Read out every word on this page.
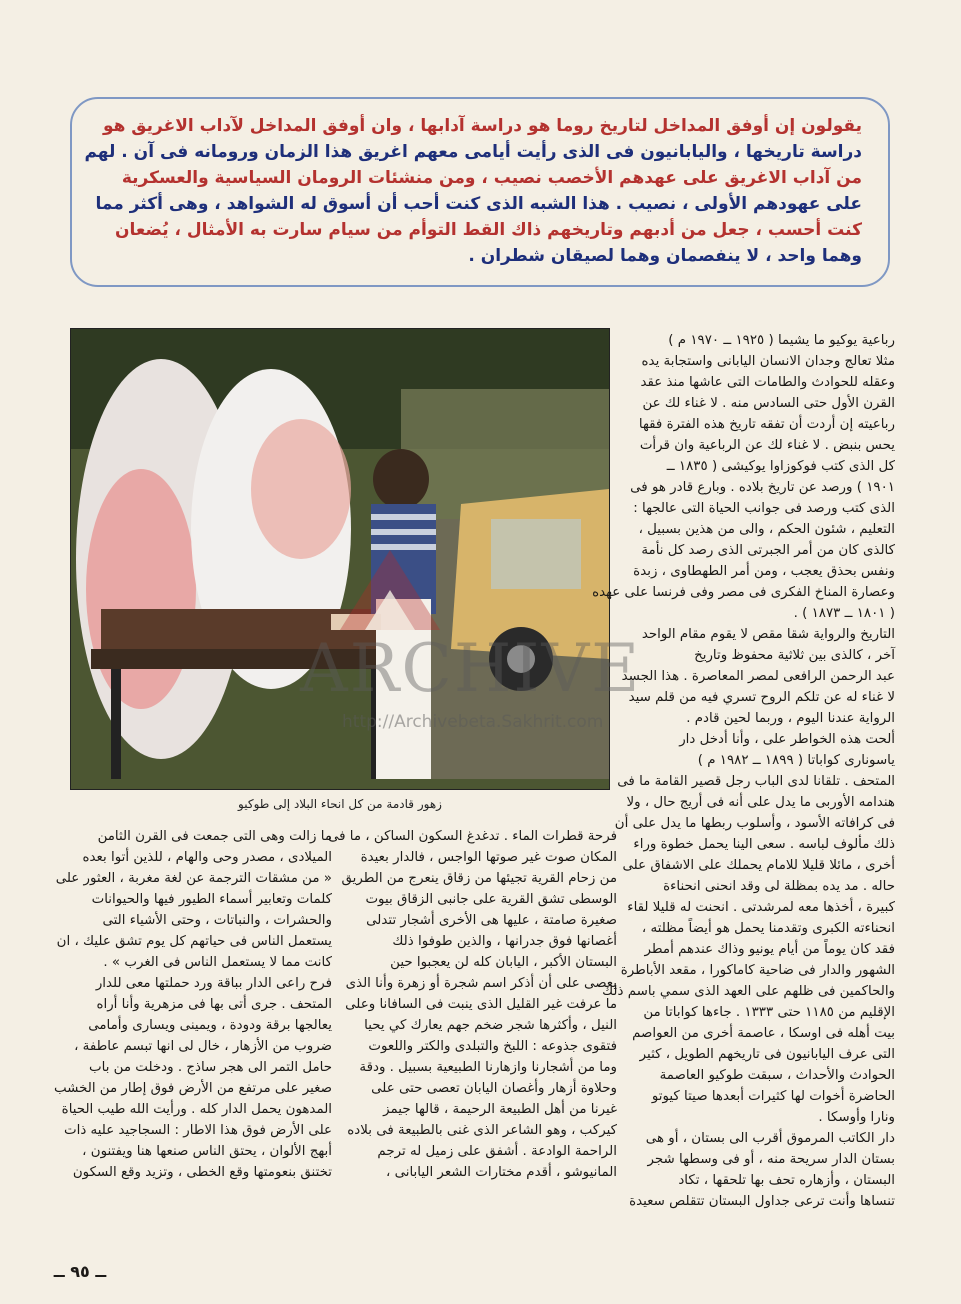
يقولون إن أوفق المداخل لتاريخ روما هو دراسة آدابها ، وان أوفق المداخل لآداب الاغريق هو
دراسة تاريخها ، واليابانيون فى الذى رأيت أيامى معهم اغريق هذا الزمان ورومانه فى آن . لهم
من آداب الاغريق على عهدهم الأخصب نصيب ، ومن منشئات الرومان السياسية والعسكرية
على عهودهم الأولى ، نصيب . هذا الشبه الذى كنت أحب أن أسوق له الشواهد ، وهى أكثر مما
كنت أحسب ، جعل من أدبهم وتاريخهم ذاك القط التوأم من سيام سارت به الأمثال ، يُضعان
وهما واحد ، لا ينفصمان وهما لصيقان شطران .
زهور قادمة من كل انحاء البلاد إلى طوكيو
رباعية يوكيو ما يشيما ( ١٩٢٥ ــ ١٩٧٠ م )
مثلا تعالج وجدان الانسان اليابانى واستجابة يده
وعقله للحوادث والطامات التى عاشها منذ عقد
القرن الأول حتى السادس منه . لا غناء لك عن
رباعيته إن أردت أن تفقه تاريخ هذه الفترة فقها
يحس بنبض . لا غناء لك عن الرباعية وان قرأت
كل الذى كتب فوكوزاوا يوكيشى ( ١٨٣٥ ــ
١٩٠١ ) ورصد عن تاريخ بلاده . وبارع قادر هو فى
الذى كتب ورصد فى جوانب الحياة التى عالجها :
التعليم ، شئون الحكم ، والى من هذين بسبيل ،
كالذى كان من أمر الجبرتى الذى رصد كل نأمة
ونفس بحذق يعجب ، ومن أمر الطهطاوى ، زبدة
وعصارة المناخ الفكرى فى مصر وفى فرنسا على عهده
( ١٨٠١ ــ ١٨٧٣ ) .
التاريخ والرواية شقا مقص لا يقوم مقام الواحد
آخر ، كالذى بين ثلاثية محفوظ وتاريخ
عبد الرحمن الرافعى لمصر المعاصرة . هذا الجسد
لا غناء له عن تلكم الروح تسري فيه من قلم سيد
الرواية عندنا اليوم ، وربما لحين قادم .
ألحت هذه الخواطر على ، وأنا أدخل دار
ياسونارى كواباتا ( ١٨٩٩ ــ ١٩٨٢ م )
المتحف . تلقانا لدى الباب رجل قصير القامة ما فى
هندامه الأوربى ما يدل على أنه فى أريج حال ، ولا
فى كرافاته الأسود ، وأسلوب ربطها ما يدل على أن
ذلك مألوف لباسه . سعى الينا يحمل خطوة وراء
أخرى ، مائلا قليلا للامام يحملك على الاشفاق على
حاله . مد يده بمظلة لى وقد انحنى انحناءة
كبيرة ، أخذها معه لمرشدتى . انحنت له قليلا لقاء
انحناءته الكبرى وتقدمنا يحمل هو أيضاً مظلته ،
فقد كان يوماً من أيام يونيو وذاك عندهم أمطر
الشهور والدار فى ضاحية كاماكورا ، مقعد الأباطرة
والحاكمين فى ظلهم على العهد الذى سمي باسم ذلك
الإقليم من ١١٨٥ حتى ١٣٣٣ . جاءها كواباتا من
بيت أهله فى اوسكا ، عاصمة أخرى من العواصم
التى عرف اليابانيون فى تاريخهم الطويل ، كثير
الحوادث والأحداث ، سبقت طوكيو العاصمة
الحاضرة أخوات لها كثيرات أبعدها صيتا كيوتو
ونارا وأوسكا .
دار الكاتب المرموق أقرب الى بستان ، أو هى
بستان الدار سريحة منه ، أو فى وسطها شجر
البستان ، وأزهاره تحف بها تلحقها ، تكاد
تنساها وأنت ترعى جداول البستان تتقلص سعيدة
فرحة قطرات الماء . تدغدغ السكون الساكن ، ما فى
المكان صوت غير صوتها الواجس ، فالدار بعيدة
من زحام القرية تجيئها من زقاق ينعرج من الطريق
الوسطى تشق القرية على جانبى الزقاق بيوت
صغيرة صامتة ، عليها هى الأخرى أشجار تتدلى
أغصانها فوق جدرانها ، والذين طوفوا ذلك
البستان الأكبر ، اليابان كله لن يعجبوا حين
يعصى على أن أذكر اسم شجرة أو زهرة وأنا الذى
ما عرفت غير القليل الذى ينبت فى السافانا وعلى
النيل ، وأكثرها شجر ضخم جهم يعارك كي يحيا
فتقوى جذوعه : اللبخ والتبلدى والكتر واللعوت
وما من أشجارنا وازهارنا الطبيعية بسبيل . ودقة
وحلاوة أزهار وأغصان اليابان تعصى حتى على
غيرنا من أهل الطبيعة الرحيمة ، قالها جيمز
كيركب ، وهو الشاعر الذى غنى بالطبيعة فى بلاده
الراحمة الوادعة . أشفق على زميل له ترجم
المانيوشو ، أقدم مختارات الشعر اليابانى ،
ما زالت وهى التى جمعت فى القرن الثامن
الميلادى ، مصدر وحى والهام ، للذين أتوا بعده
« من مشقات الترجمة عن لغة مغربة ، العثور على
كلمات وتعابير أسماء الطيور فيها والحيوانات
والحشرات ، والنباتات ، وحتى الأشياء التى
يستعمل الناس فى حياتهم كل يوم تشق عليك ، ان
كانت مما لا يستعمل الناس فى الغرب » .
فرح راعى الدار بباقة ورد حملتها معى للدار
المتحف . جرى أتى بها فى مزهرية وأنا أراه
يعالجها برقة ودودة ، ويمينى ويسارى وأمامى
ضروب من الأزهار ، خال لى انها تبسم عاطفة ،
حامل التمر الى هجر ساذج . ودخلت من باب
صغير على مرتفع من الأرض فوق إطار من الخشب
المدهون يحمل الدار كله . ورأيت الله طيب الحياة
على الأرض فوق هذا الاطار : السجاجيد عليه ذات
أبهج الألوان ، يحتق الناس صنعها هنا ويفتنون ،
تختنق بنعومتها وقع الخطى ، وتزيد وقع السكون
ARCHIVE
http://Archivebeta.Sakhrit.com
ــ ٩٥ ــ
